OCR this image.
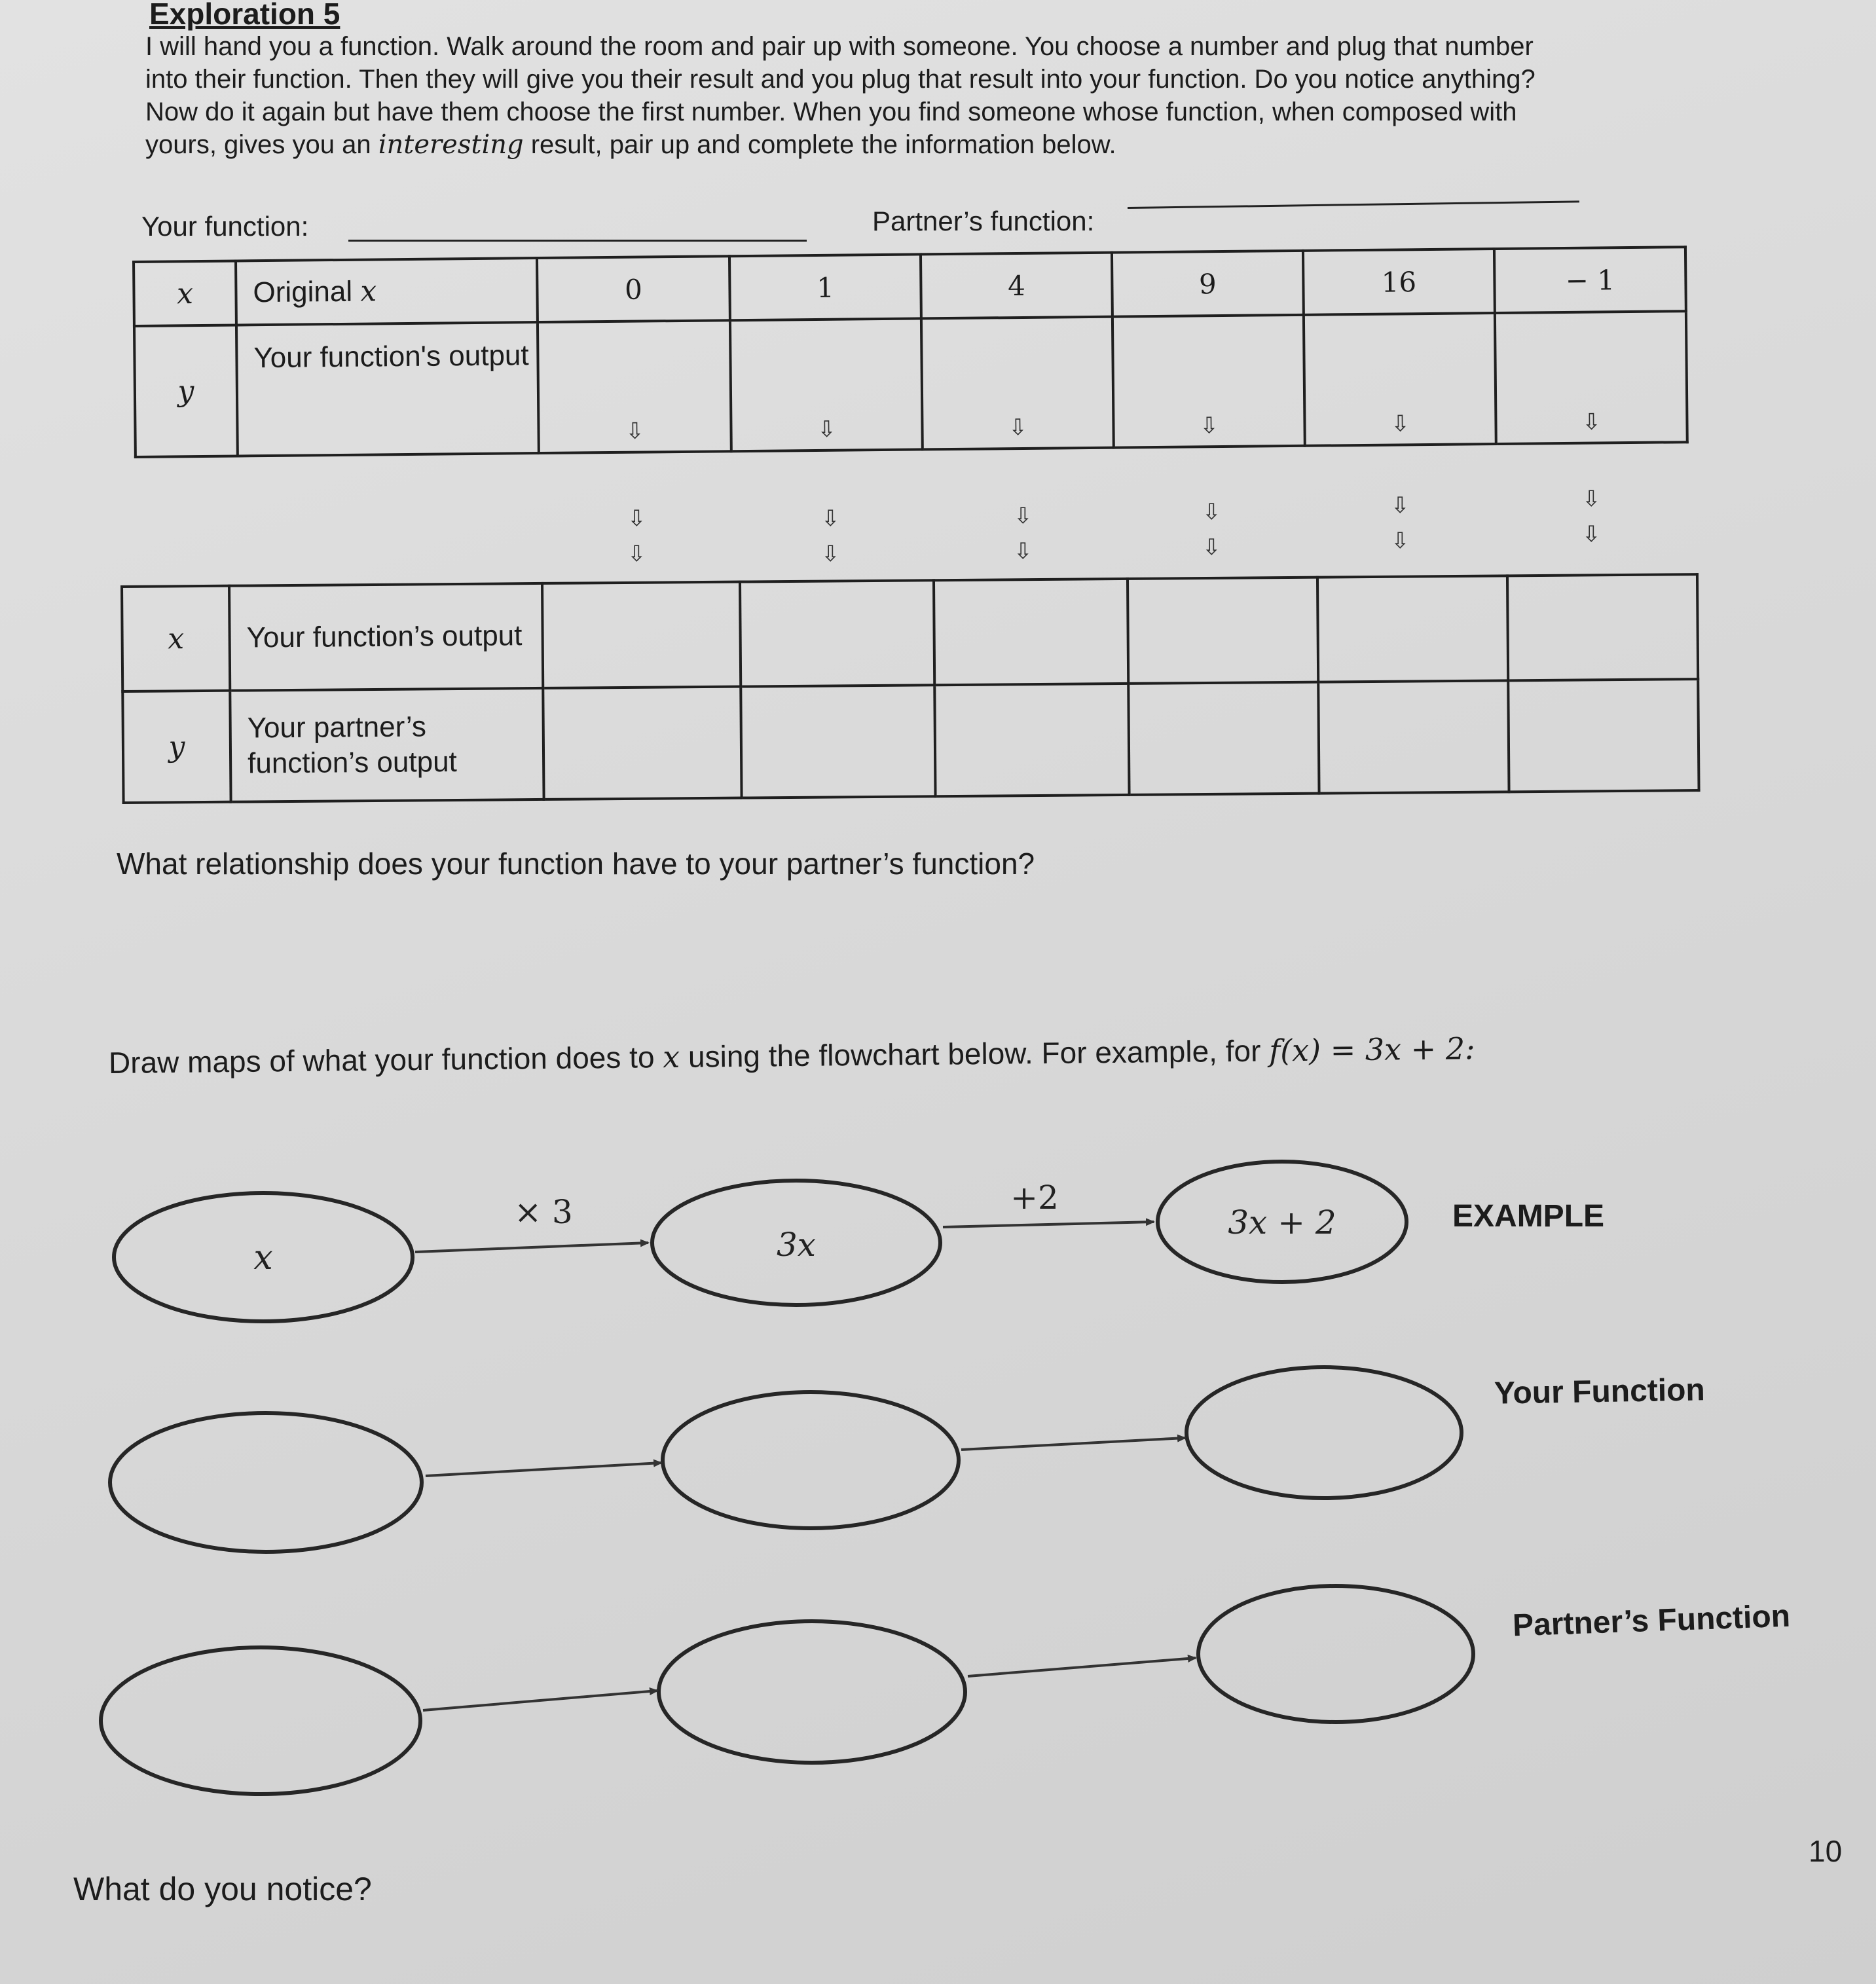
Exploration 5

I will hand you a function. Walk around the room and pair up with someone. You choose a number and plug that number
into their function. Then they will give you their result and you plug that result into your function. Do you notice anything?
Now do it again but have them choose the first number. When you find someone whose function, when composed with
yours, gives you an interesting result, pair up and complete the information below.

Your function:	Partner’s function:
x	Original x	0	1	4	9	16	− 1
y	Your function's output	⇩	⇩	⇩	⇩	⇩	⇩
⇩
⇩
⇩
⇩
⇩
⇩
⇩
⇩
⇩
⇩
⇩
⇩
x	Your function’s output						
y	Your partner’s function’s output						
What relationship does your function have to your partner’s function?
Draw maps of what your function does to x using the flowchart below. For example, for f(x) = 3x + 2:
x	3x
3x + 2
× 3	+2	EXAMPLE
Your Function
Partner’s Function
What do you notice?
10
